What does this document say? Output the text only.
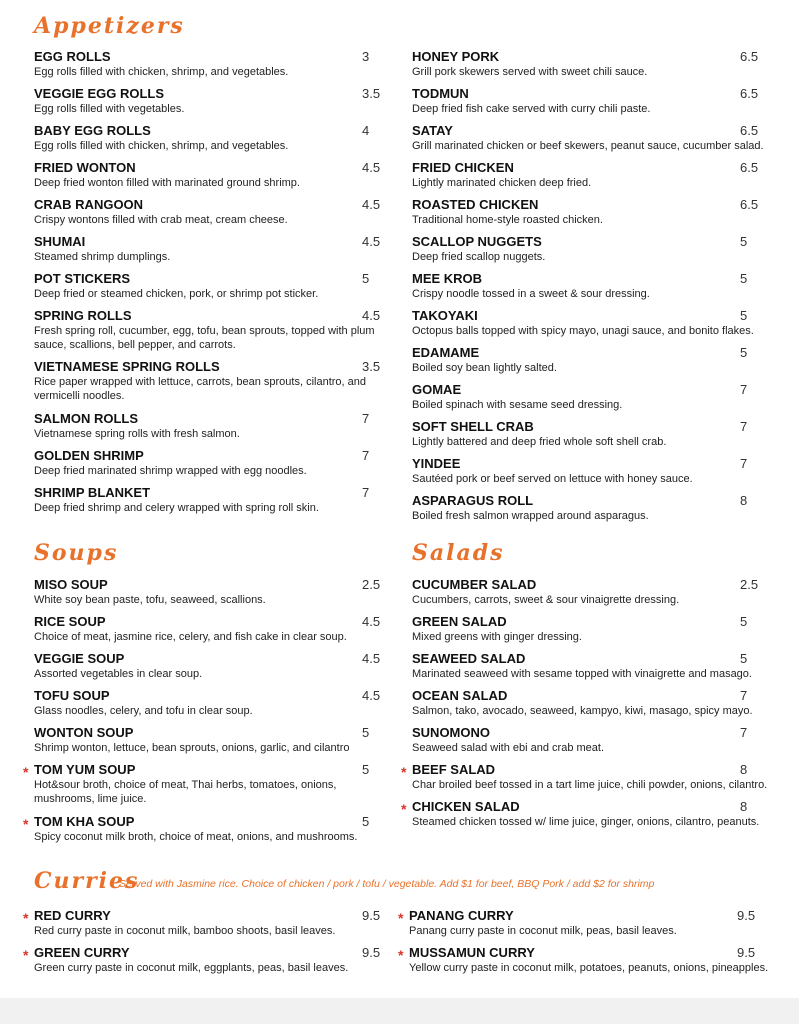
Appetizers
Soups	Salads
Curries
Served with Jasmine rice. Choice of chicken / pork / tofu / vegetable. Add $1 for beef, BBQ Pork / add $2 for shrimp
EGG ROLLS
Egg rolls filled with chicken, shrimp, and vegetables.
3
VEGGIE EGG ROLLS
Egg rolls filled with vegetables.
3.5
BABY EGG ROLLS
Egg rolls filled with chicken, shrimp, and vegetables.
4
FRIED WONTON
Deep fried wonton filled with marinated ground shrimp.
4.5
CRAB RANGOON
Crispy wontons filled with crab meat, cream cheese.
4.5
SHUMAI
Steamed shrimp dumplings.
4.5
POT STICKERS
Deep fried or steamed chicken, pork, or shrimp pot sticker.
5
SPRING ROLLS
Fresh spring roll, cucumber, egg, tofu, bean sprouts, topped with plum sauce, scallions, bell pepper, and carrots.
4.5
VIETNAMESE SPRING ROLLS
Rice paper wrapped with lettuce, carrots, bean sprouts, cilantro, and vermicelli noodles.
3.5
SALMON ROLLS
Vietnamese spring rolls with fresh salmon.
7
GOLDEN SHRIMP
Deep fried marinated shrimp wrapped with egg noodles.
7
SHRIMP BLANKET
Deep fried shrimp and celery wrapped with spring roll skin.
7
HONEY PORK
Grill pork skewers served with sweet chili sauce.
6.5
TODMUN
Deep fried fish cake served with curry chili paste.
6.5
SATAY
Grill marinated chicken or beef skewers, peanut sauce, cucumber salad.
6.5
FRIED CHICKEN
Lightly marinated chicken deep fried.
6.5
ROASTED CHICKEN
Traditional home-style roasted chicken.
6.5
SCALLOP NUGGETS
Deep fried scallop nuggets.
5
MEE KROB
Crispy noodle tossed in a sweet & sour dressing.
5
TAKOYAKI
Octopus balls topped with spicy mayo, unagi sauce, and bonito flakes.
5
EDAMAME
Boiled soy bean lightly salted.
5
GOMAE
Boiled spinach with sesame seed dressing.
7
SOFT SHELL CRAB
Lightly battered and deep fried whole soft shell crab.
7
YINDEE
Sautéed pork or beef served on lettuce with honey sauce.
7
ASPARAGUS ROLL
Boiled fresh salmon wrapped around asparagus.
8
MISO SOUP
White soy bean paste, tofu, seaweed, scallions.
2.5
RICE SOUP
Choice of meat, jasmine rice, celery, and fish cake in clear soup.
4.5
VEGGIE SOUP
Assorted vegetables in clear soup.
4.5
TOFU SOUP
Glass noodles, celery, and tofu in clear soup.
4.5
WONTON SOUP
Shrimp wonton, lettuce, bean sprouts, onions, garlic, and cilantro
5
TOM YUM SOUP
Hot&sour broth, choice of meat, Thai herbs, tomatoes, onions, mushrooms, lime juice.
5
*
TOM KHA SOUP
Spicy coconut milk broth, choice of meat, onions, and mushrooms.
5
*
CUCUMBER SALAD
Cucumbers, carrots, sweet & sour vinaigrette dressing.
2.5
GREEN SALAD
Mixed greens with ginger dressing.
5
SEAWEED SALAD
Marinated seaweed with sesame topped with vinaigrette and masago.
5
OCEAN SALAD
Salmon, tako, avocado, seaweed, kampyo, kiwi, masago, spicy mayo.
7
SUNOMONO
Seaweed salad with ebi and crab meat.
7
BEEF SALAD
Char broiled beef tossed in a tart lime juice, chili powder, onions, cilantro.
8
*
CHICKEN SALAD
Steamed chicken tossed w/ lime juice, ginger, onions, cilantro, peanuts.
8
*
RED CURRY
Red curry paste in coconut milk, bamboo shoots, basil leaves.
9.5
*
GREEN CURRY
Green curry paste in coconut milk, eggplants, peas, basil leaves.
9.5
*
PANANG CURRY
Panang curry paste in coconut milk, peas, basil leaves.
9.5
*
MUSSAMUN CURRY
Yellow curry paste in coconut milk, potatoes, peanuts, onions, pineapples.
9.5
*
